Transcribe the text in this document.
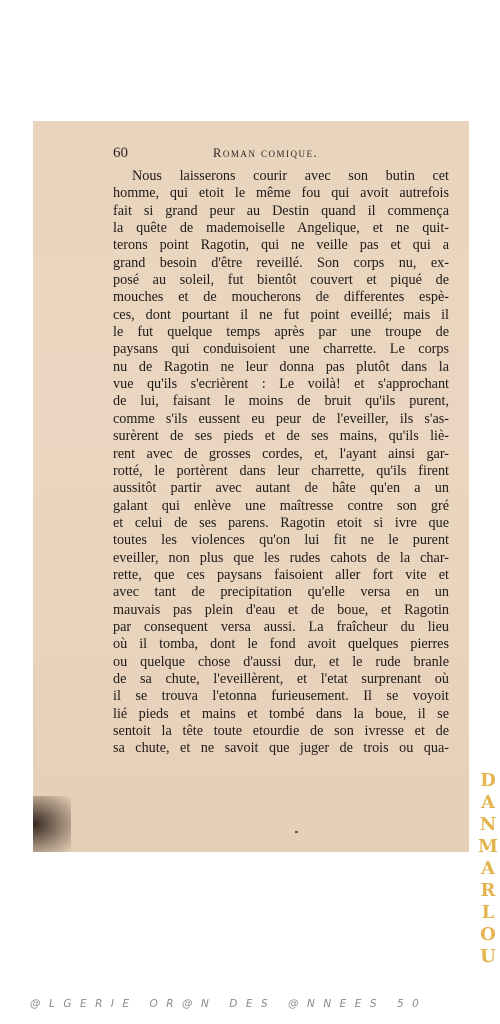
60	Roman comique.
Nous laisserons courir avec son butin cet
homme, qui etoit le même fou qui avoit autrefois
fait si grand peur au Destin quand il commença
la quête de mademoiselle Angelique, et ne quit-
terons point Ragotin, qui ne veille pas et qui a
grand besoin d'être reveillé. Son corps nu, ex-
posé au soleil, fut bientôt couvert et piqué de
mouches et de moucherons de differentes espè-
ces, dont pourtant il ne fut point eveillé; mais il
le fut quelque temps après par une troupe de
paysans qui conduisoient une charrette. Le corps
nu de Ragotin ne leur donna pas plutôt dans la
vue qu'ils s'ecrièrent : Le voilà! et s'approchant
de lui, faisant le moins de bruit qu'ils purent,
comme s'ils eussent eu peur de l'eveiller, ils s'as-
surèrent de ses pieds et de ses mains, qu'ils liè-
rent avec de grosses cordes, et, l'ayant ainsi gar-
rotté, le portèrent dans leur charrette, qu'ils firent
aussitôt partir avec autant de hâte qu'en a un
galant qui enlève une maîtresse contre son gré
et celui de ses parens. Ragotin etoit si ivre que
toutes les violences qu'on lui fit ne le purent
eveiller, non plus que les rudes cahots de la char-
rette, que ces paysans faisoient aller fort vite et
avec tant de precipitation qu'elle versa en un
mauvais pas plein d'eau et de boue, et Ragotin
par consequent versa aussi. La fraîcheur du lieu
où il tomba, dont le fond avoit quelques pierres
ou quelque chose d'aussi dur, et le rude branle
de sa chute, l'eveillèrent, et l'etat surprenant où
il se trouva l'etonna furieusement. Il se voyoit
lié pieds et mains et tombé dans la boue, il se
sentoit la tête toute etourdie de son ivresse et de
sa chute, et ne savoit que juger de trois ou qua-
D
A
N
M
A
R
L
O
U
@LGERIE OR@N DES @NNEES 50
